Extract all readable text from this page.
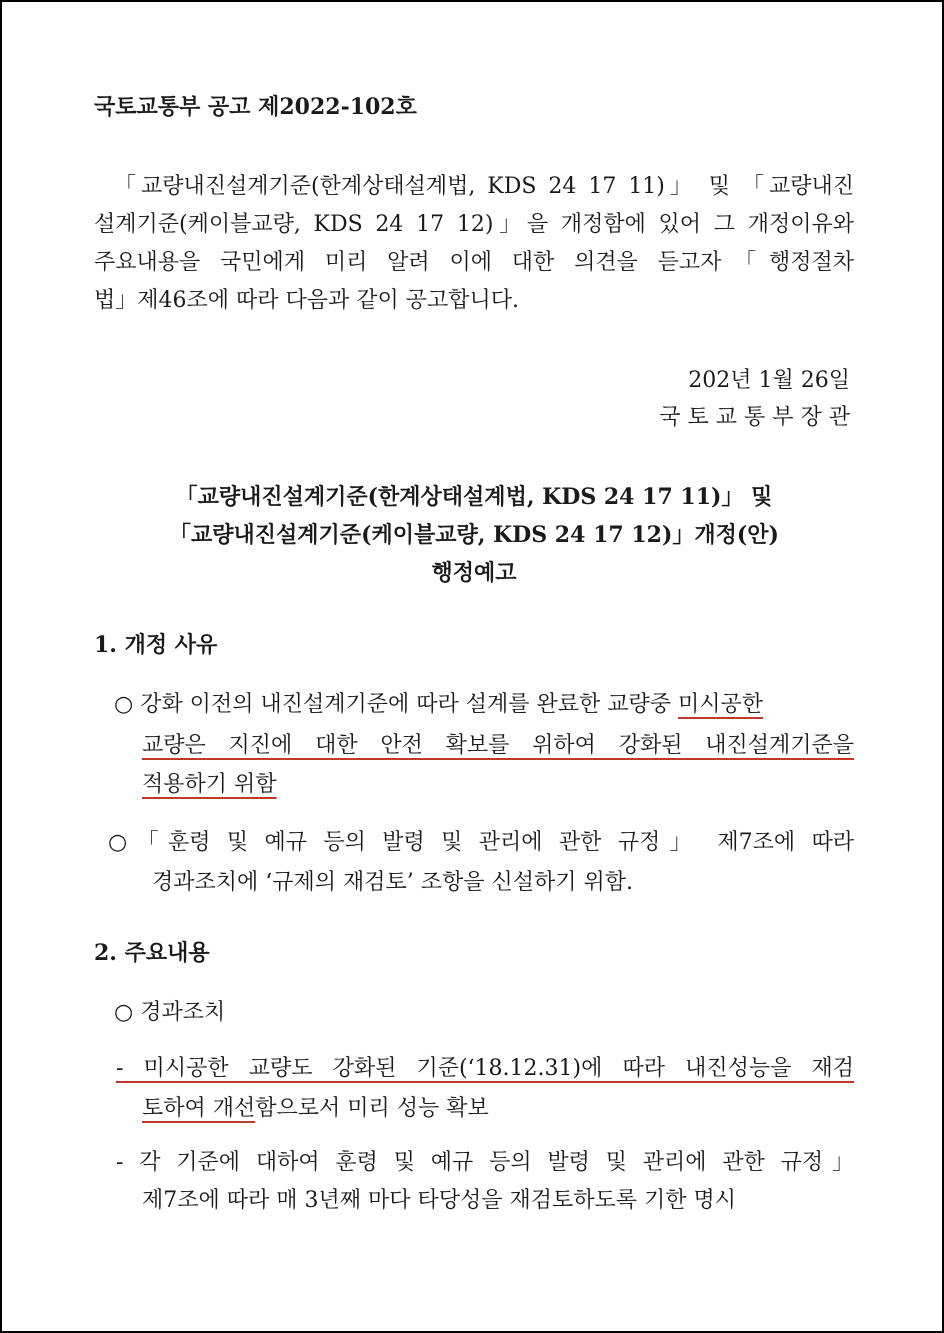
국토교통부 공고 제2022-102호
「교량내진설계기준(한계상태설계법, KDS 24 17 11)」 및 「교량내진
설계기준(케이블교량, KDS 24 17 12)」을 개정함에 있어 그 개정이유와
주요내용을 국민에게 미리 알려 이에 대한 의견을 듣고자「행정절차
법」제46조에 따라 다음과 같이 공고합니다.
202년 1월 26일
국 토 교 통 부 장 관
「교량내진설계기준(한계상태설계법, KDS 24 17 11)」 및
「교량내진설계기준(케이블교량, KDS 24 17 12)」개정(안)
행정예고
1. 개정 사유
○ 강화 이전의 내진설계기준에 따라 설계를 완료한 교량중 미시공한
교량은 지진에 대한 안전 확보를 위하여 강화된 내진설계기준을
적용하기 위함
○「훈령 및 예규 등의 발령 및 관리에 관한 규정」 제7조에 따라
경과조치에 ‘규제의 재검토’ 조항을 신설하기 위함.
2. 주요내용
○ 경과조치
- 미시공한 교량도 강화된 기준(‘18.12.31)에 따라 내진성능을 재검
토하여 개선함으로서 미리 성능 확보
- 각 기준에 대하여 훈령 및 예규 등의 발령 및 관리에 관한 규정」
제7조에 따라 매 3년째 마다 타당성을 재검토하도록 기한 명시
